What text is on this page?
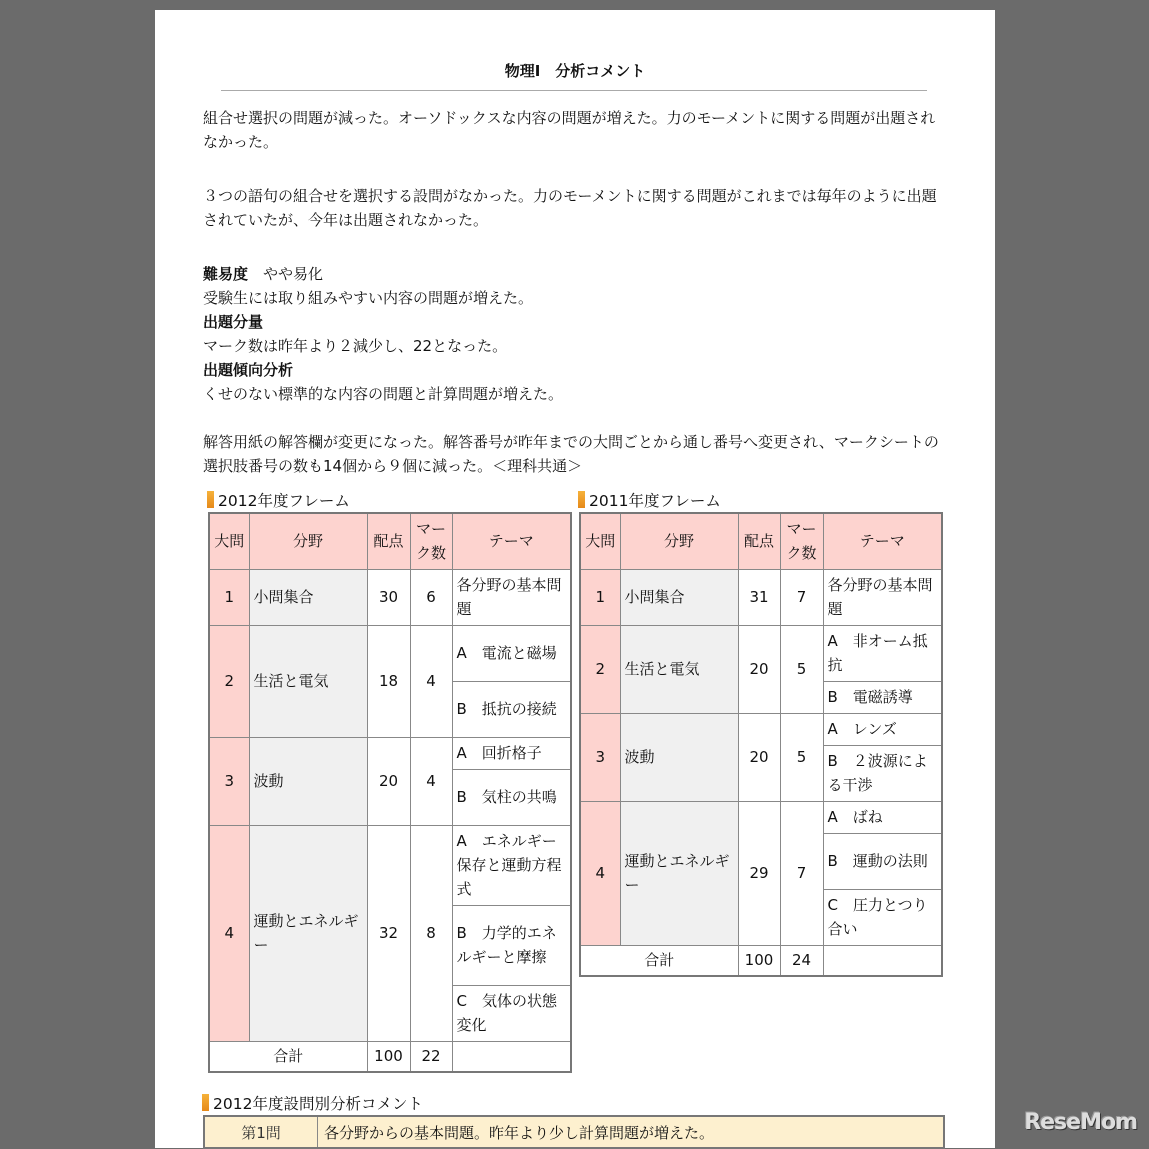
物理Ⅰ　分析コメント
組合せ選択の問題が減った。オーソドックスな内容の問題が増えた。力のモーメントに関する問題が出題されなかった。
３つの語句の組合せを選択する設問がなかった。力のモーメントに関する問題がこれまでは毎年のように出題されていたが、今年は出題されなかった。
難易度　 やや易化
受験生には取り組みやすい内容の問題が増えた。
出題分量
マーク数は昨年より２減少し、22となった。
出題傾向分析
くせのない標準的な内容の問題と計算問題が増えた。
解答用紙の解答欄が変更になった。解答番号が昨年までの大問ごとから通し番号へ変更され、マークシートの選択肢番号の数も14個から９個に減った。＜理科共通＞
2012年度フレーム	2011年度フレーム
大問	分野	配点	マーク数	テーマ
1	小問集合	30	6	各分野の基本問題
2	生活と電気	18	4	A　電流と磁場
				B　抵抗の接続
3	波動	20	4	A　回折格子
				B　気柱の共鳴
4	運動とエネルギー	32	8	A　エネルギー保存と運動方程式
				B　力学的エネルギーと摩擦
				C　気体の状態変化
合計		100	22	
大問	分野	配点	マーク数	テーマ
1	小問集合	31	7	各分野の基本問題
2	生活と電気	20	5	A　非オーム抵抗
				B　電磁誘導
3	波動	20	5	A　レンズ
				B　２波源による干渉
4	運動とエネルギー	29	7	A　ばね
				B　運動の法則
				C　圧力とつり合い
合計		100	24	
2012年度設問別分析コメント
第1問	各分野からの基本問題。昨年より少し計算問題が増えた。	ReseMom
